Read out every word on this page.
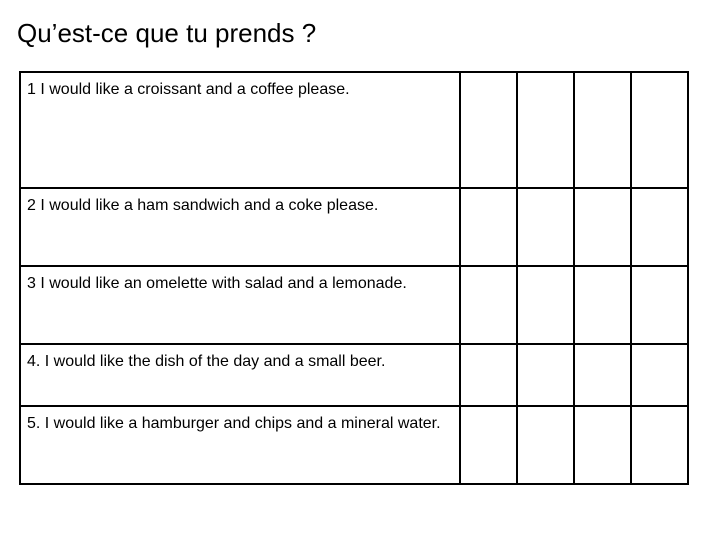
Qu’est-ce que tu prends ?
1 I would like a croissant and a coffee please.				
2 I would like a ham sandwich and a coke please.				
3 I would like an omelette with salad and a lemonade.				
4. I would like the dish of the day and a small beer.				
5. I would like a hamburger and chips and a mineral water.				
